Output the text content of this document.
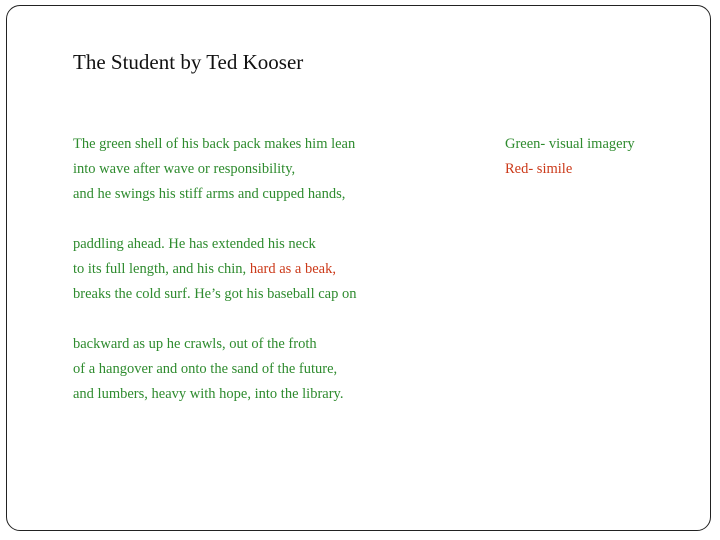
The Student by Ted Kooser
The green shell of his back pack makes him lean
into wave after wave or responsibility,
and he swings his stiff arms and cupped hands,
paddling ahead. He has extended his neck
to its full length, and his chin, hard as a beak,
breaks the cold surf. He’s got his baseball cap on
backward as up he crawls, out of the froth
of a hangover and onto the sand of the future,
and lumbers, heavy with hope, into the library.
Green- visual imagery
Red- simile
